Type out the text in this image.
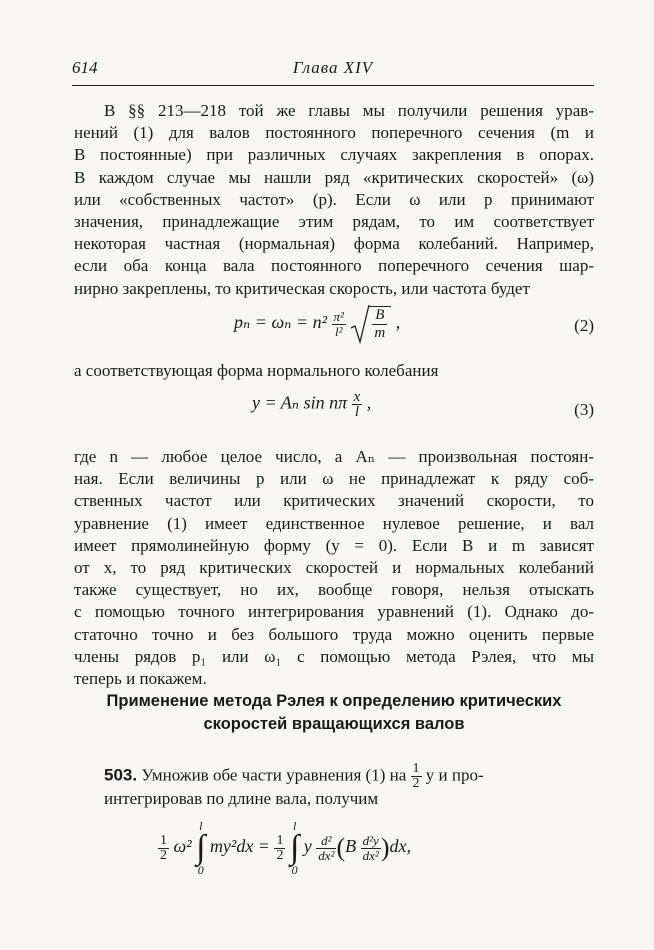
614	Глава XIV
В §§ 213—218 той же главы мы получили решения урав-
нений (1) для валов постоянного поперечного сечения (m и
B постоянные) при различных случаях закрепления в опорах.
В каждом случае мы нашли ряд «критических скоростей» (ω)
или «собственных частот» (p). Если ω или p принимают
значения, принадлежащие этим рядам, то им соответствует
некоторая частная (нормальная) форма колебаний. Например,
если оба конца вала постоянного поперечного сечения шар-
нирно закреплены, то критическая скорость, или частота будет
$p_n = \omega_n = n^2 \frac{\text{π²}}{\text{l²}}$
$\frac{B}{m}$ ,	(2)
а соответствующая форма нормального колебания
y = Aₙ sin nπ $\frac{x}{l}$ ,	(3)
где n — любое целое число, а Aₙ — произвольная постоян-
ная. Если величины p или ω не принадлежат к ряду соб-
ственных частот или критических значений скорости, то
уравнение (1) имеет единственное нулевое решение, и вал
имеет прямолинейную форму (y = 0). Если B и m зависят
от x, то ряд критических скоростей и нормальных колебаний
также существует, но их, вообще говоря, нельзя отыскать
с помощью точного интегрирования уравнений (1). Однако до-
статочно точно и без большого труда можно оценить первые
члены рядов p₁ или ω₁ с помощью метода Рэлея, что мы
теперь и покажем.
Применение метода Рэлея к определению критических
скоростей вращающихся валов
503. Умножив обе части уравнения (1) на $\frac{1}{2}$ y и про-
интегрировав по длине вала, получим
$\frac{1}{2} \omega^2$
l
∫
0
$my^2dx = \frac{1}{2}$

l
∫
0
y $\frac{\text{d²}}{\text{dx²}} (B \frac{\text{d²y}}{\text{dx²}} )dx$,
